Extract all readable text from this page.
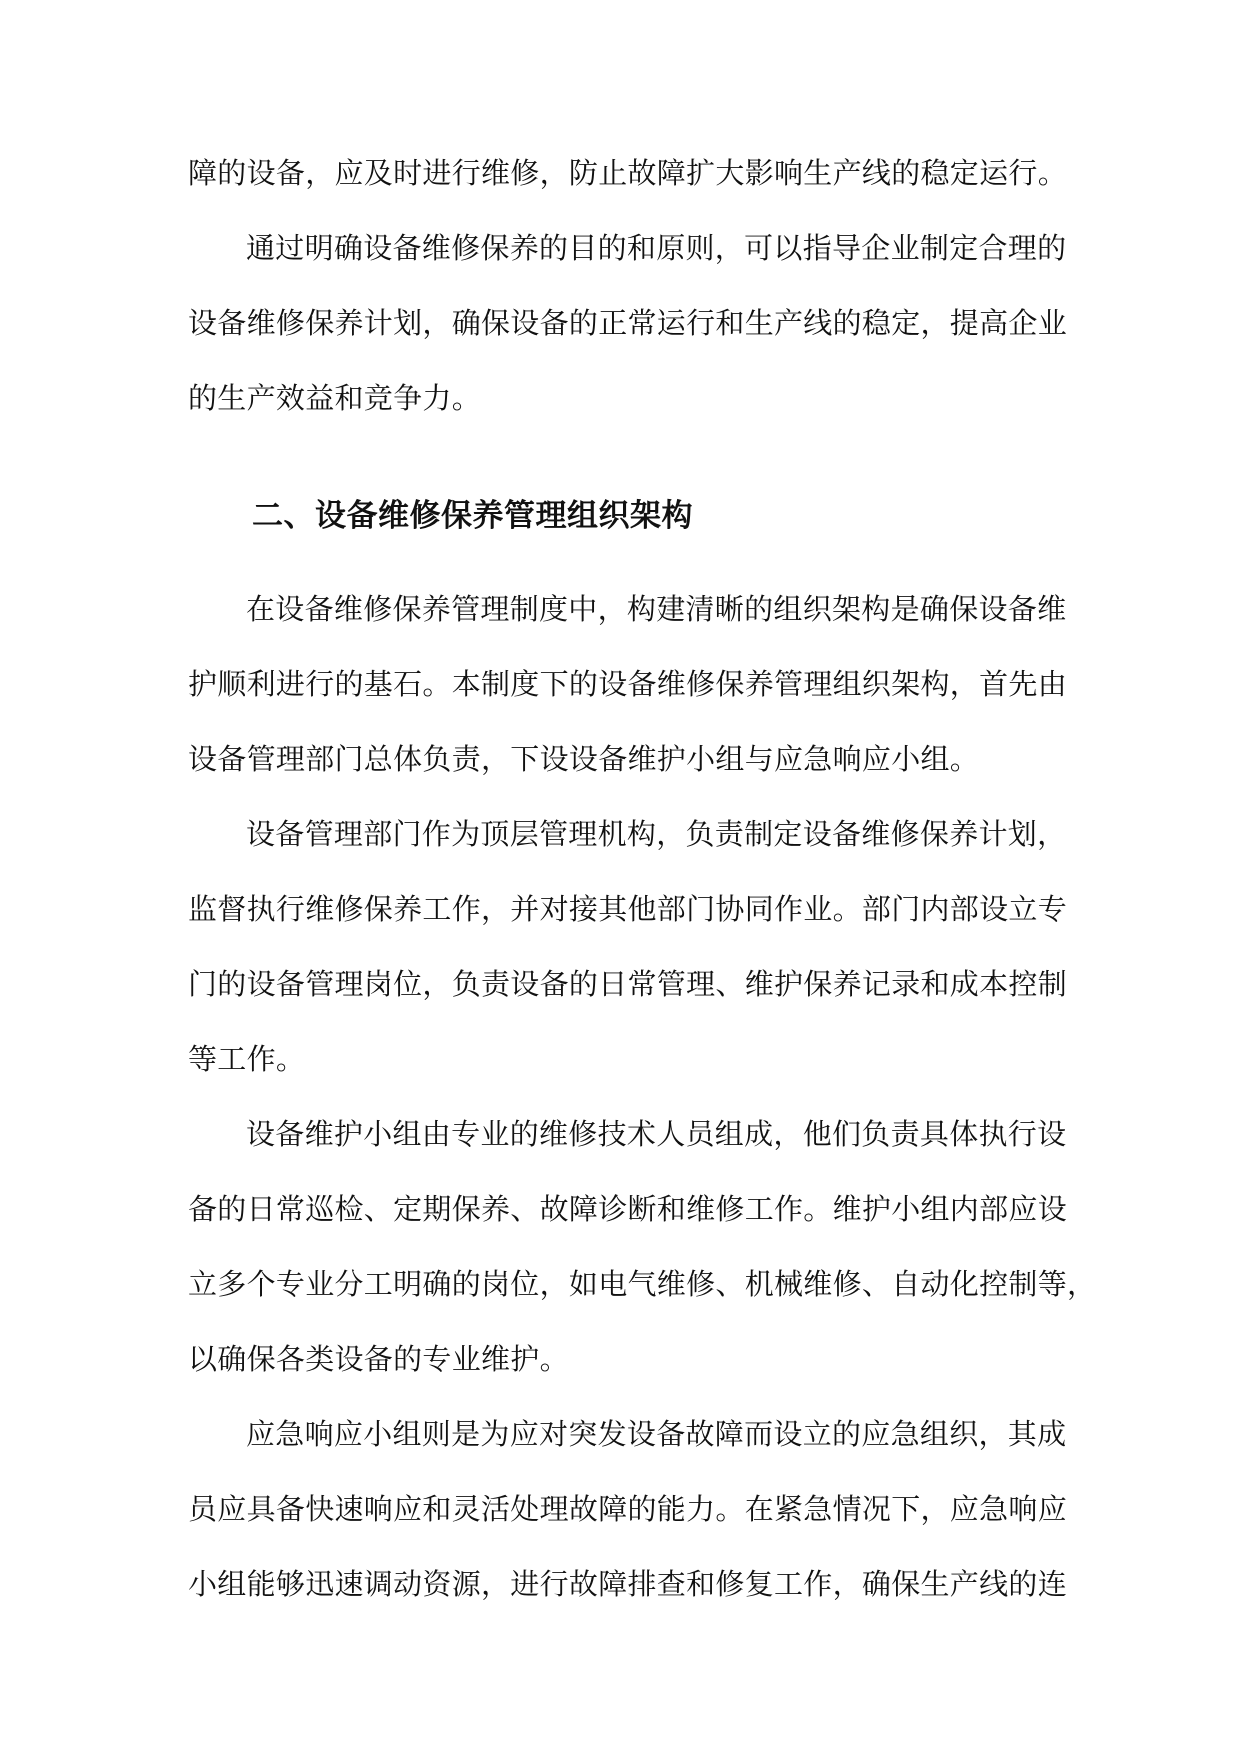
障的设备，应及时进行维修，防止故障扩大影响生产线的稳定运行。
通过明确设备维修保养的目的和原则，可以指导企业制定合理的
设备维修保养计划，确保设备的正常运行和生产线的稳定，提高企业
的生产效益和竞争力。
二、设备维修保养管理组织架构
在设备维修保养管理制度中，构建清晰的组织架构是确保设备维
护顺利进行的基石。本制度下的设备维修保养管理组织架构，首先由
设备管理部门总体负责，下设设备维护小组与应急响应小组。
设备管理部门作为顶层管理机构，负责制定设备维修保养计划，
监督执行维修保养工作，并对接其他部门协同作业。部门内部设立专
门的设备管理岗位，负责设备的日常管理、维护保养记录和成本控制
等工作。
设备维护小组由专业的维修技术人员组成，他们负责具体执行设
备的日常巡检、定期保养、故障诊断和维修工作。维护小组内部应设
立多个专业分工明确的岗位，如电气维修、机械维修、自动化控制等，
以确保各类设备的专业维护。
应急响应小组则是为应对突发设备故障而设立的应急组织，其成
员应具备快速响应和灵活处理故障的能力。在紧急情况下，应急响应
小组能够迅速调动资源，进行故障排查和修复工作，确保生产线的连
